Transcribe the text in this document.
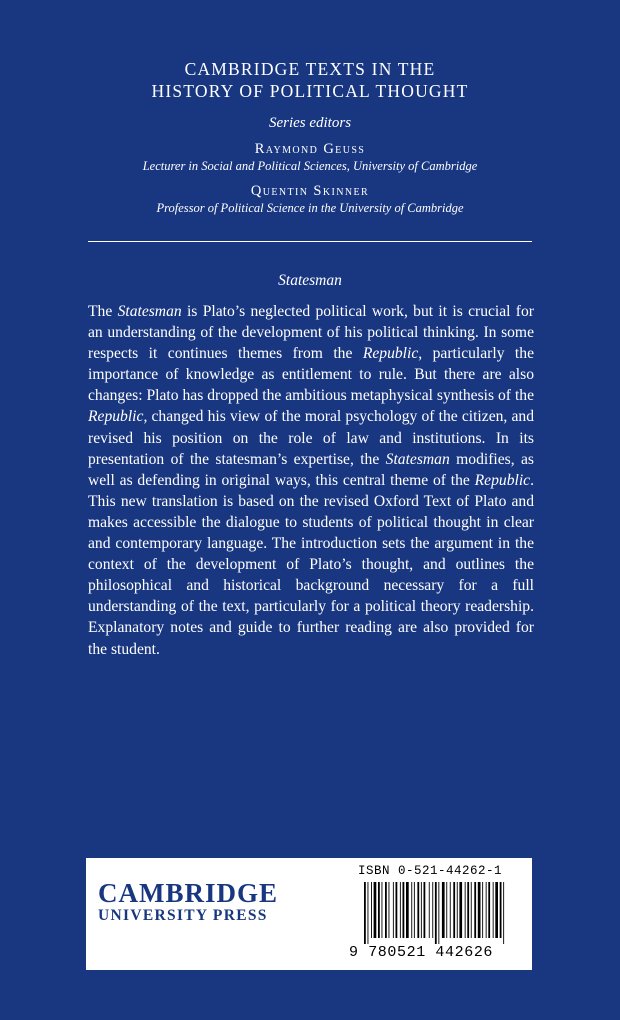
CAMBRIDGE TEXTS IN THE

HISTORY OF POLITICAL THOUGHT

Series editors
Raymond Geuss
Lecturer in Social and Political Sciences, University of Cambridge
Quentin Skinner
Professor of Political Science in the University of Cambridge
Statesman

The Statesman is Plato’s neglected political work, but it is crucial for an understanding of the development of his political thinking. In some respects it continues themes from the Republic, particularly the importance of knowledge as entitlement to rule. But there are also changes: Plato has dropped the ambitious metaphysical synthesis of the Republic, changed his view of the moral psychology of the citizen, and revised his position on the role of law and institutions. In its presentation of the statesman’s expertise, the Statesman modifies, as well as defending in original ways, this central theme of the Republic. This new translation is based on the revised Oxford Text of Plato and makes accessible the dialogue to students of political thought in clear and contemporary language. The introduction sets the argument in the context of the development of Plato’s thought, and outlines the philosophical and historical background necessary for a full understanding of the text, particularly for a political theory readership. Explanatory notes and guide to further reading are also provided for the student.

CAMBRIDGE
UNIVERSITY PRESS
ISBN 0-521-44262-1
9 780521 442626
